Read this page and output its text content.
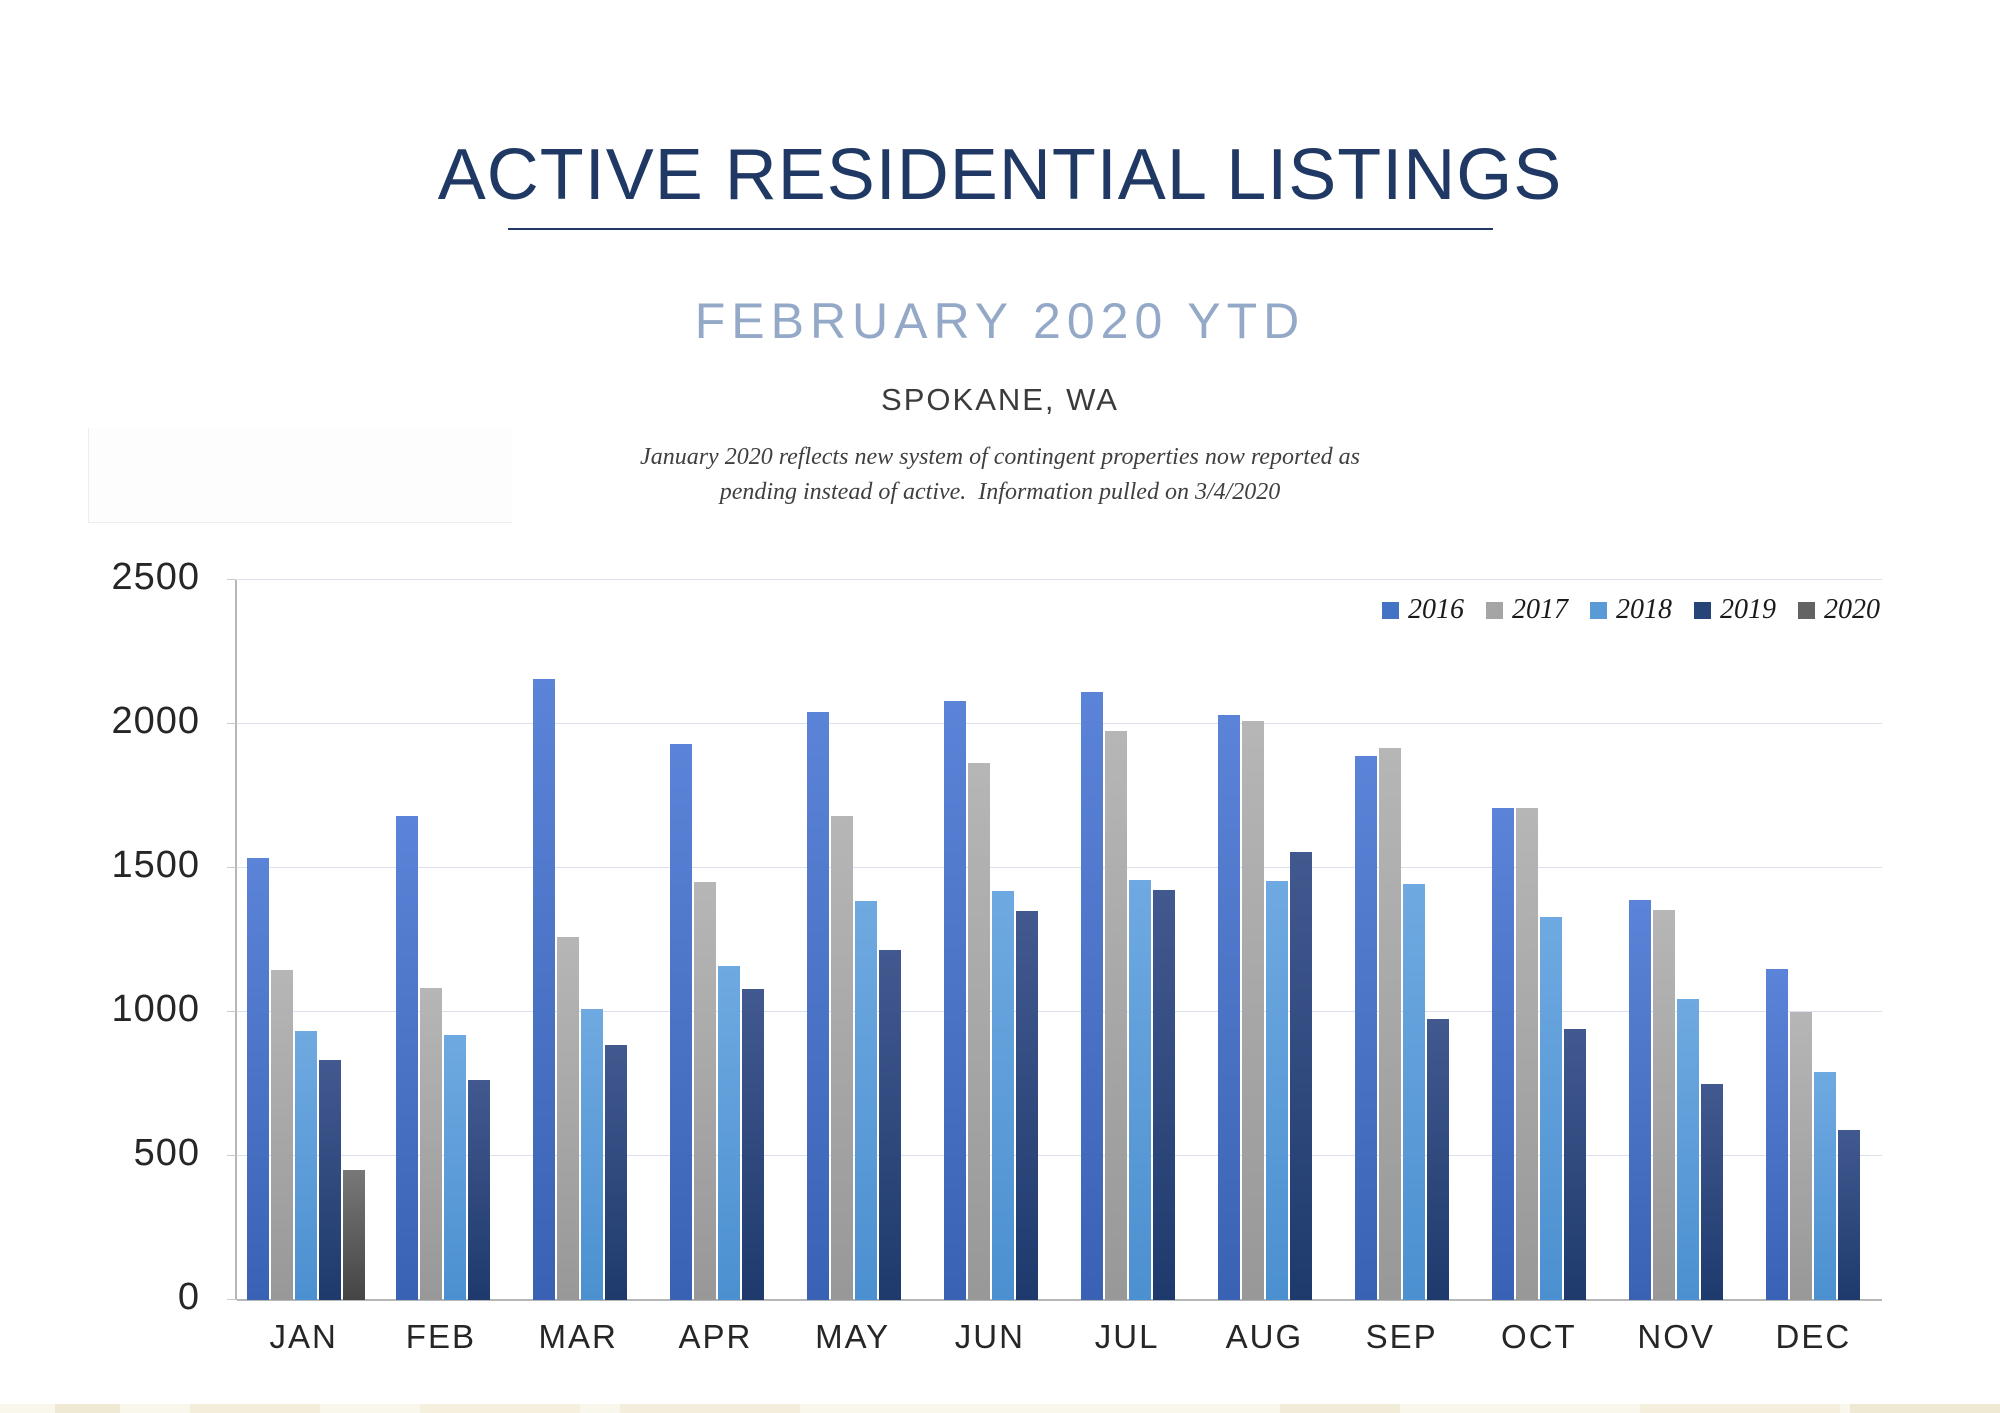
ACTIVE RESIDENTIAL LISTINGS
FEBRUARY 2020 YTD
SPOKANE, WA
January 2020 reflects new system of contingent properties now reported as
pending instead of active.  Information pulled on 3/4/2020
0
500
1000
1500
2000
2500
2016 2017 2018 2019 2020
JAN	FEB	MAR	APR	MAY	JUN	JUL	AUG	SEP	OCT	NOV	DEC
